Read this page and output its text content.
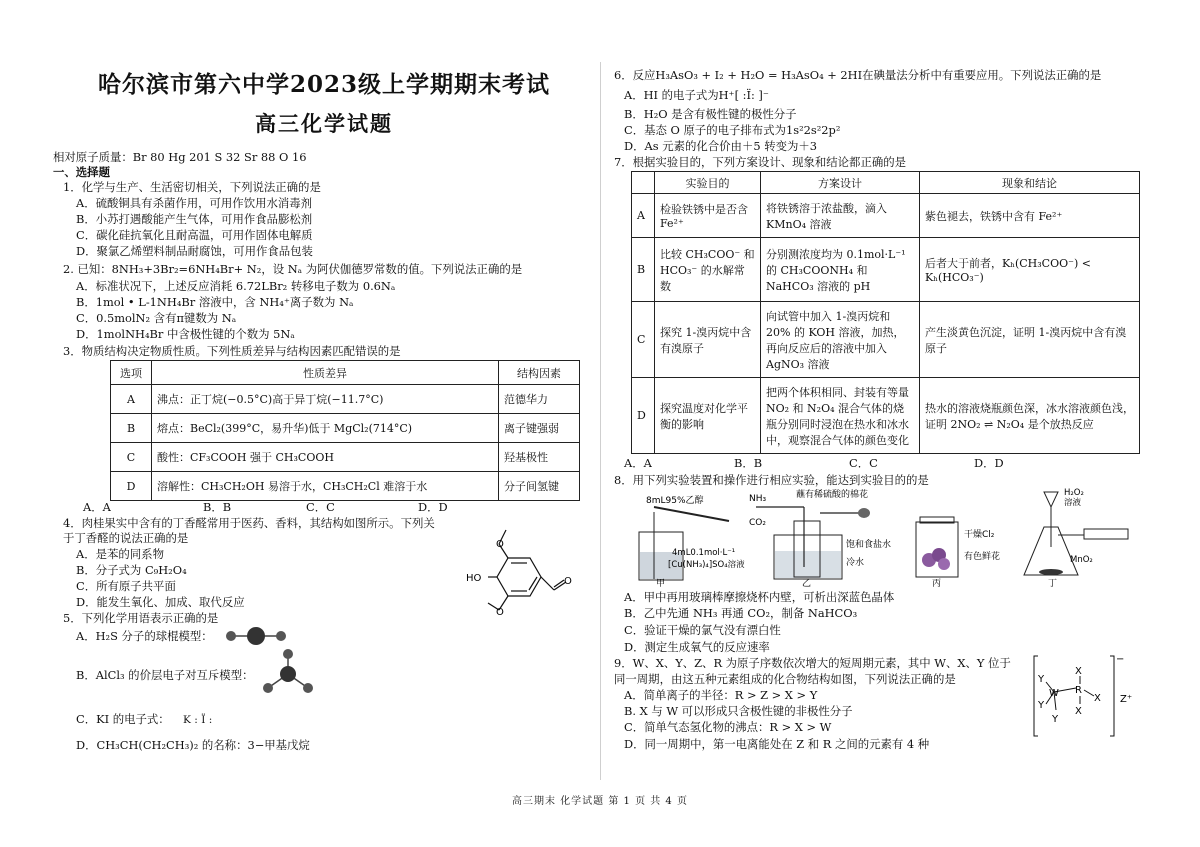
哈尔滨市第六中学2023级上学期期末考试
高三化学试题
相对原子质量：Br 80 Hg 201 S 32 Sr 88 O 16
一、选择题
1．化学与生产、生活密切相关，下列说法正确的是
A．硫酸铜具有杀菌作用，可用作饮用水消毒剂
B．小苏打遇酸能产生气体，可用作食品膨松剂
C．碳化硅抗氧化且耐高温，可用作固体电解质
D．聚氯乙烯塑料制品耐腐蚀，可用作食品包装
2. 已知：8NH₃+3Br₂=6NH₄Br+ N₂，设 Nₐ 为阿伏伽德罗常数的值。下列说法正确的是
A．标准状况下，上述反应消耗 6.72LBr₂ 转移电子数为 0.6Nₐ
B．1mol • L-1NH₄Br 溶液中，含 NH₄⁺离子数为 Nₐ
C．0.5molN₂ 含有π键数为 Nₐ
D．1molNH₄Br 中含极性键的个数为 5Nₐ
3．物质结构决定物质性质。下列性质差异与结构因素匹配错误的是
选项	性质差异	结构因素
A	沸点：正丁烷(−0.5°C)高于异丁烷(−11.7°C)	范德华力
B	熔点：BeCl₂(399°C，易升华)低于 MgCl₂(714°C)	离子键强弱
C	酸性：CF₃COOH 强于 CH₃COOH	羟基极性
D	溶解性：CH₃CH₂OH 易溶于水，CH₃CH₂Cl 难溶于水	分子间氢键
A．A	B．B	C．C	D．D
4．肉桂果实中含有的丁香醛常用于医药、香料，其结构如图所示。下列关
于丁香醛的说法正确的是
A．是苯的同系物
B．分子式为 C₉H₂O₄
C．所有原子共平面
D．能发生氧化、加成、取代反应
O
O
O
HO
5．下列化学用语表示正确的是
A．H₂S 分子的球棍模型：
B．AlCl₃ 的价层电子对互斥模型：
C．KI 的电子式： K : Ï :
D．CH₃CH(CH₂CH₃)₂ 的名称：3−甲基戊烷
6．反应H₃AsO₃ + I₂ + H₂O = H₃AsO₄ + 2HI在碘量法分析中有重要应用。下列说法正确的是
A．HI 的电子式为H⁺[ :Ï: ]⁻
B．H₂O 是含有极性键的极性分子
C．基态 O 原子的电子排布式为1s²2s²2p²
D．As 元素的化合价由＋5 转变为＋3
7．根据实验目的，下列方案设计、现象和结论都正确的是
	实验目的	方案设计	现象和结论
A	检验铁锈中是否含 Fe²⁺	将铁锈溶于浓盐酸，滴入 KMnO₄ 溶液	紫色褪去，铁锈中含有 Fe²⁺
B	比较 CH₃COO⁻ 和 HCO₃⁻ 的水解常数	分别测浓度均为 0.1mol·L⁻¹ 的 CH₃COONH₄ 和 NaHCO₃ 溶液的 pH	后者大于前者，Kₕ(CH₃COO⁻) < Kₕ(HCO₃⁻)
C	探究 1-溴丙烷中含有溴原子	向试管中加入 1-溴丙烷和 20% 的 KOH 溶液，加热，再向反应后的溶液中加入 AgNO₃ 溶液	产生淡黄色沉淀，证明 1-溴丙烷中含有溴原子
D	探究温度对化学平衡的影响	把两个体积相同、封装有等量 NO₂ 和 N₂O₄ 混合气体的烧瓶分别同时浸泡在热水和冰水中，观察混合气体的颜色变化	热水的溶液烧瓶颜色深，冰水溶液颜色浅，证明 2NO₂ ⇌ N₂O₄ 是个放热反应
A．A	B．B	C．C	D．D
8．用下列实验装置和操作进行相应实验，能达到实验目的的是
8mL95%乙醇
4mL0.1mol·L⁻¹
[Cu(NH₃)₄]SO₄溶液
甲
NH₃
CO₂
蘸有稀硫酸的棉花
饱和食盐水
冷水
乙
干燥Cl₂
有色鲜花
丙
H₂O₂
溶液
MnO₂
丁
A．甲中再用玻璃棒摩擦烧杯内壁，可析出深蓝色晶体
B．乙中先通 NH₃ 再通 CO₂，制备 NaHCO₃
C．验证干燥的氯气没有漂白性
D．测定生成氧气的反应速率
9．W、X、Y、Z、R 为原子序数依次增大的短周期元素，其中 W、X、Y 位于
同一周期，由这五种元素组成的化合物结构如图，下列说法正确的是
A．简单离子的半径：R > Z > X > Y
B. X 与 W 可以形成只含极性键的非极性分子
C．简单气态氢化物的沸点：R > X > W
D．同一周期中，第一电离能处在 Z 和 R 之间的元素有 4 种
X
R
X
X
W
Y
Y
Y
−
Z⁺
高三期末 化学试题 第 1 页 共 4 页
